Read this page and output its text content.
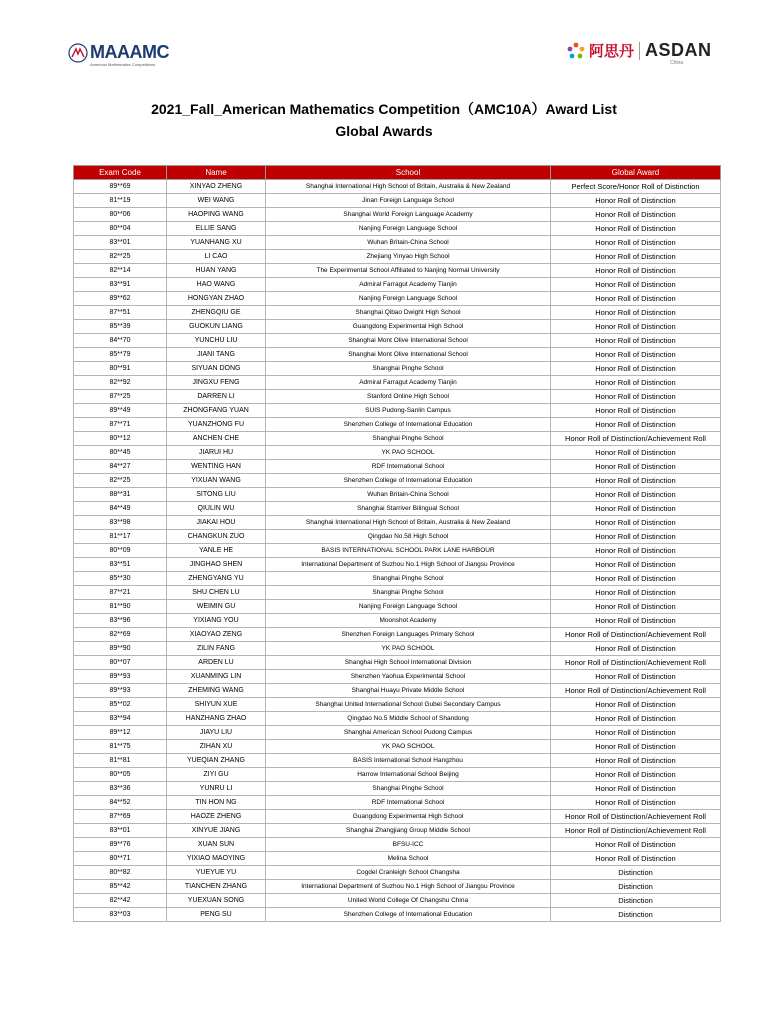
MAAAMC
American Mathematics Competitions
阿思丹 ASDAN
China
2021_Fall_American Mathematics Competition（AMC10A）Award List
Global Awards
Exam Code	Name	School	Global Award
89**69	XINYAO ZHENG	Shanghai International High School of Britain, Australia & New Zealand	Perfect Score/Honor Roll of Distinction
81**19	WEI WANG	Jinan Foreign Language School	Honor Roll of Distinction
80**06	HAOPING WANG	Shanghai World Foreign Language Academy	Honor Roll of Distinction
80**04	ELLIE SANG	Nanjing Foreign Language School	Honor Roll of Distinction
83**01	YUANHANG XU	Wuhan Britain-China School	Honor Roll of Distinction
82**25	LI CAO	Zhejiang Yinyao High School	Honor Roll of Distinction
82**14	HUAN YANG	The Experimental School Affiliated to Nanjing Normal University	Honor Roll of Distinction
83**91	HAO WANG	Admiral Farragut Academy Tianjin	Honor Roll of Distinction
89**62	HONGYAN ZHAO	Nanjing Foreign Language School	Honor Roll of Distinction
87**51	ZHENGQIU GE	Shanghai Qibao Dwight High School	Honor Roll of Distinction
85**39	GUOKUN LIANG	Guangdong Experimental High School	Honor Roll of Distinction
84**70	YUNCHU LIU	Shanghai Mont Olive International School	Honor Roll of Distinction
85**79	JIANI TANG	Shanghai Mont Olive International School	Honor Roll of Distinction
80**91	SIYUAN DONG	Shanghai Pinghe School	Honor Roll of Distinction
82**92	JINGXU FENG	Admiral Farragut Academy Tianjin	Honor Roll of Distinction
87**25	DARREN LI	Stanford Online High School	Honor Roll of Distinction
89**49	ZHONGFANG YUAN	SUIS Pudong-Sanlin Campus	Honor Roll of Distinction
87**71	YUANZHONG FU	Shenzhen College of International Education	Honor Roll of Distinction
80**12	ANCHEN CHE	Shanghai Pinghe School	Honor Roll of Distinction/Achievement Roll
80**45	JIARUI HU	YK PAO SCHOOL	Honor Roll of Distinction
84**27	WENTING HAN	RDF International School	Honor Roll of Distinction
82**25	YIXUAN WANG	Shenzhen College of International Education	Honor Roll of Distinction
88**31	SITONG LIU	Wuhan Britain-China School	Honor Roll of Distinction
84**49	QIULIN WU	Shanghai Starriver Bilingual School	Honor Roll of Distinction
83**98	JIAKAI HOU	Shanghai International High School of Britain, Australia & New Zealand	Honor Roll of Distinction
81**17	CHANGKUN ZUO	Qingdao No.58 High School	Honor Roll of Distinction
80**09	YANLE HE	BASIS INTERNATIONAL SCHOOL PARK LANE HARBOUR	Honor Roll of Distinction
83**51	JINGHAO SHEN	International Department of Suzhou No.1 High School of Jiangsu Province	Honor Roll of Distinction
85**30	ZHENGYANG YU	Shanghai Pinghe School	Honor Roll of Distinction
87**21	SHU CHEN LU	Shanghai Pinghe School	Honor Roll of Distinction
81**90	WEIMIN GU	Nanjing Foreign Language School	Honor Roll of Distinction
83**96	YIXIANG YOU	Moonshot Academy	Honor Roll of Distinction
82**69	XIAOYAO ZENG	Shenzhen Foreign Languages Primary School	Honor Roll of Distinction/Achievement Roll
89**90	ZILIN FANG	YK PAO SCHOOL	Honor Roll of Distinction
80**07	ARDEN LU	Shanghai High School International Division	Honor Roll of Distinction/Achievement Roll
89**93	XUANMING LIN	Shenzhen Yaohua Experimental School	Honor Roll of Distinction
89**93	ZHEMING WANG	Shanghai Huayu Private Middle School	Honor Roll of Distinction/Achievement Roll
85**02	SHIYUN XUE	Shanghai United International School Gubei Secondary Campus	Honor Roll of Distinction
83**94	HANZHANG ZHAO	Qingdao No.5 Middle School of Shandong	Honor Roll of Distinction
89**12	JIAYU LIU	Shanghai American School Pudong Campus	Honor Roll of Distinction
81**75	ZIHAN XU	YK PAO SCHOOL	Honor Roll of Distinction
81**81	YUEQIAN ZHANG	BASIS International School Hangzhou	Honor Roll of Distinction
80**05	ZIYI GU	Harrow International School Beijing	Honor Roll of Distinction
83**36	YUNRU LI	Shanghai Pinghe School	Honor Roll of Distinction
84**52	TIN HON NG	RDF International School	Honor Roll of Distinction
87**69	HAOZE ZHENG	Guangdong Experimental High School	Honor Roll of Distinction/Achievement Roll
83**01	XINYUE JIANG	Shanghai Zhangjiang Group Middle School	Honor Roll of Distinction/Achievement Roll
89**76	XUAN SUN	BFSU-ICC	Honor Roll of Distinction
80**71	YIXIAO MAOYING	Melina School	Honor Roll of Distinction
80**82	YUEYUE YU	Cogdel Cranleigh School Changsha	Distinction
85**42	TIANCHEN ZHANG	International Department of Suzhou No.1 High School of Jiangsu Province	Distinction
82**42	YUEXUAN SONG	United World College Of Changshu China	Distinction
83**03	PENG SU	Shenzhen College of International Education	Distinction
